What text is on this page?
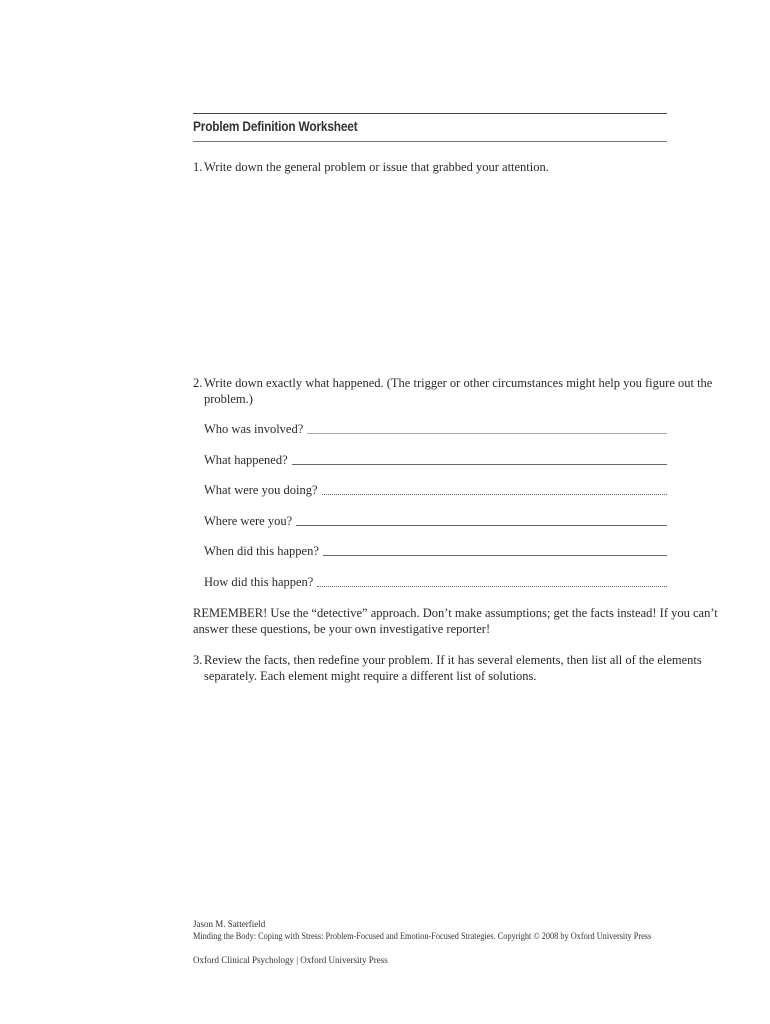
Problem Definition Worksheet
1. Write down the general problem or issue that grabbed your attention.
2. Write down exactly what happened. (The trigger or other circumstances might help you figure out the
problem.)
Who was involved?
What happened?
What were you doing?
Where were you?
When did this happen?
How did this happen?
REMEMBER! Use the “detective” approach. Don’t make assumptions; get the facts instead! If you can’t
answer these questions, be your own investigative reporter!
3. Review the facts, then redefine your problem. If it has several elements, then list all of the elements
separately. Each element might require a different list of solutions.
Jason M. Satterfield
Minding the Body: Coping with Stress: Problem-Focused and Emotion-Focused Strategies. Copyright © 2008 by Oxford University Press
Oxford Clinical Psychology | Oxford University Press
